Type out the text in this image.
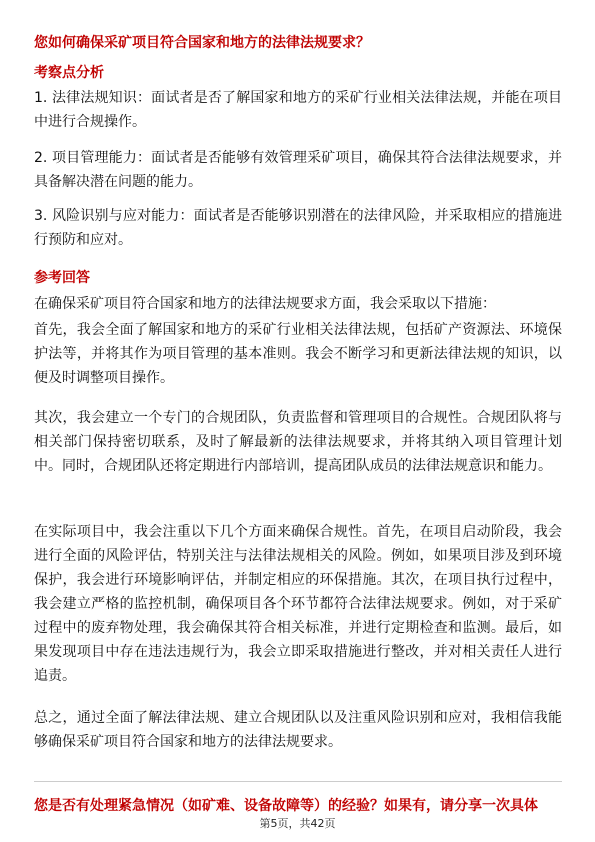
您如何确保采矿项目符合国家和地方的法律法规要求？
考察点分析
1. 法律法规知识：面试者是否了解国家和地方的采矿行业相关法律法规，并能在项目中进行合规操作。
2. 项目管理能力：面试者是否能够有效管理采矿项目，确保其符合法律法规要求，并具备解决潜在问题的能力。
3. 风险识别与应对能力：面试者是否能够识别潜在的法律风险，并采取相应的措施进行预防和应对。
参考回答
在确保采矿项目符合国家和地方的法律法规要求方面，我会采取以下措施：
首先，我会全面了解国家和地方的采矿行业相关法律法规，包括矿产资源法、环境保护法等，并将其作为项目管理的基本准则。我会不断学习和更新法律法规的知识，以便及时调整项目操作。
其次，我会建立一个专门的合规团队，负责监督和管理项目的合规性。合规团队将与相关部门保持密切联系，及时了解最新的法律法规要求，并将其纳入项目管理计划中。同时，合规团队还将定期进行内部培训，提高团队成员的法律法规意识和能力。
在实际项目中，我会注重以下几个方面来确保合规性。首先，在项目启动阶段，我会进行全面的风险评估，特别关注与法律法规相关的风险。例如，如果项目涉及到环境保护，我会进行环境影响评估，并制定相应的环保措施。其次，在项目执行过程中，我会建立严格的监控机制，确保项目各个环节都符合法律法规要求。例如，对于采矿过程中的废弃物处理，我会确保其符合相关标准，并进行定期检查和监测。最后，如果发现项目中存在违法违规行为，我会立即采取措施进行整改，并对相关责任人进行追责。
总之，通过全面了解法律法规、建立合规团队以及注重风险识别和应对，我相信我能够确保采矿项目符合国家和地方的法律法规要求。
您是否有处理紧急情况（如矿难、设备故障等）的经验？如果有，请分享一次具体
第5页，共42页
